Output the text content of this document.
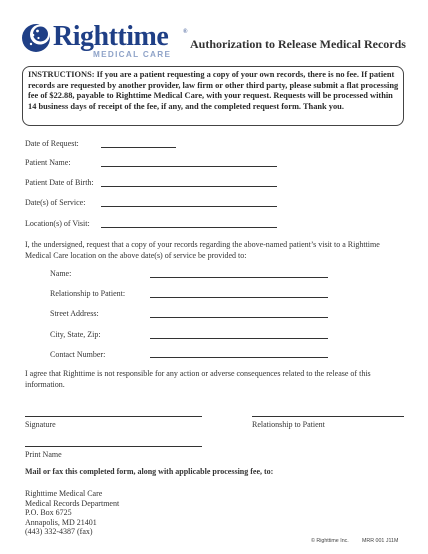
Righttime ®
MEDICAL CARE
Authorization to Release Medical Records
INSTRUCTIONS: If you are a patient requesting a copy of your own records, there is no fee. If patient records are requested by another provider, law firm or other third party, please submit a flat processing fee of $22.88, payable to Righttime Medical Care, with your request. Requests will be processed within 14 business days of receipt of the fee, if any, and the completed request form. Thank you.
Date of Request:
Patient Name:
Patient Date of Birth:
Date(s) of Service:
Location(s) of Visit:
I, the undersigned, request that a copy of your records regarding the above-named patient’s visit to a Righttime Medical Care location on the above date(s) of service be provided to:
Name:
Relationship to Patient:
Street Address:
City, State, Zip:
Contact Number:
I agree that Righttime is not responsible for any action or adverse consequences related to the release of this information.
Signature	Relationship to Patient
Print Name
Mail or fax this completed form, along with applicable processing fee, to:
Righttime Medical Care
Medical Records Department
P.O. Box 6725
Annapolis, MD 21401
(443) 332-4387 (fax)
© Righttime Inc. MRR 001 J11M
